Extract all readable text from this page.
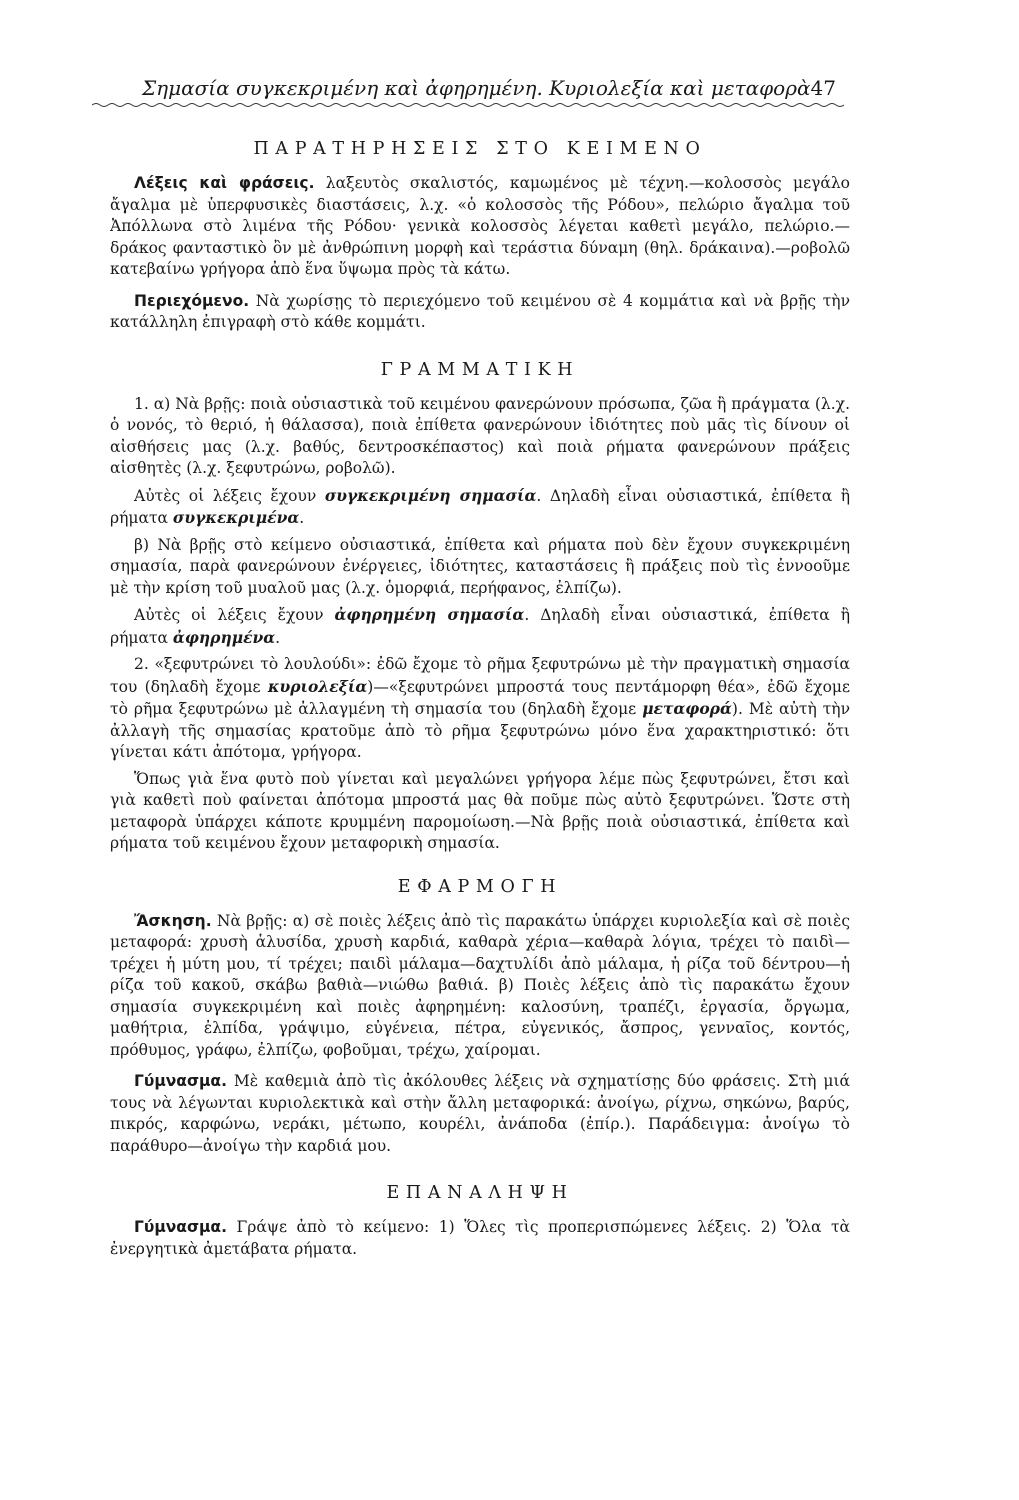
Σημασία συγκεκριμένη καὶ ἀφηρημένη. Κυριολεξία καὶ μεταφορὰ 47
ΠΑΡΑΤΗΡΗΣΕΙΣ ΣΤΟ ΚΕΙΜΕΝΟ

Λέξεις καὶ φράσεις. λαξευτὸς σκαλιστός, καμωμένος μὲ τέχνη.—κολοσσὸς μεγάλο ἄγαλμα μὲ ὑπερφυσικὲς διαστάσεις, λ.χ. «ὁ κολοσσὸς τῆς Ρόδου», πελώριο ἄγαλμα τοῦ Ἀπόλλωνα στὸ λιμένα τῆς Ρόδου· γενικὰ κολοσσὸς λέγεται καθετὶ μεγάλο, πελώριο.—δράκος φανταστικὸ ὂν μὲ ἀνθρώπινη μορφὴ καὶ τεράστια δύναμη (θηλ. δράκαινα).—ροβολῶ κατεβαίνω γρήγορα ἀπὸ ἕνα ὕψωμα πρὸς τὰ κάτω.

Περιεχόμενο. Νὰ χωρίσῃς τὸ περιεχόμενο τοῦ κειμένου σὲ 4 κομμάτια καὶ νὰ βρῇς τὴν κατάλληλη ἐπιγραφὴ στὸ κάθε κομμάτι.

ΓΡΑΜΜΑΤΙΚΗ

1. α) Νὰ βρῇς: ποιὰ οὐσιαστικὰ τοῦ κειμένου φανερώνουν πρόσωπα, ζῶα ἢ πράγματα (λ.χ. ὁ νονός, τὸ θεριό, ἡ θάλασσα), ποιὰ ἐπίθετα φανερώνουν ἰδιότητες ποὺ μᾶς τὶς δίνουν οἱ αἰσθήσεις μας (λ.χ. βαθύς, δεντροσκέπαστος) καὶ ποιὰ ρήματα φανερώνουν πράξεις αἰσθητὲς (λ.χ. ξεφυτρώνω, ροβολῶ).

Αὐτὲς οἱ λέξεις ἔχουν συγκεκριμένη σημασία. Δηλαδὴ εἶναι οὐσιαστικά, ἐπίθετα ἢ ρήματα συγκεκριμένα.

β) Νὰ βρῇς στὸ κείμενο οὐσιαστικά, ἐπίθετα καὶ ρήματα ποὺ δὲν ἔχουν συγκεκριμένη σημασία, παρὰ φανερώνουν ἐνέργειες, ἰδιότητες, καταστάσεις ἢ πράξεις ποὺ τὶς ἐννοοῦμε μὲ τὴν κρίση τοῦ μυαλοῦ μας (λ.χ. ὁμορφιά, περήφανος, ἐλπίζω).

Αὐτὲς οἱ λέξεις ἔχουν ἀφηρημένη σημασία. Δηλαδὴ εἶναι οὐσιαστικά, ἐπίθετα ἢ ρήματα ἀφηρημένα.

2. «ξεφυτρώνει τὸ λουλούδι»: ἐδῶ ἔχομε τὸ ρῆμα ξεφυτρώνω μὲ τὴν πραγματικὴ σημασία του (δηλαδὴ ἔχομε κυριολεξία)—«ξεφυτρώνει μπροστά τους πεντάμορφη θέα», ἐδῶ ἔχομε τὸ ρῆμα ξεφυτρώνω μὲ ἀλλαγμένη τὴ σημασία του (δηλαδὴ ἔχομε μεταφορά). Μὲ αὐτὴ τὴν ἀλλαγὴ τῆς σημασίας κρατοῦμε ἀπὸ τὸ ρῆμα ξεφυτρώνω μόνο ἕνα χαρακτηριστικό: ὅτι γίνεται κάτι ἀπότομα, γρήγορα.

Ὅπως γιὰ ἕνα φυτὸ ποὺ γίνεται καὶ μεγαλώνει γρήγορα λέμε πὼς ξεφυτρώνει, ἔτσι καὶ γιὰ καθετὶ ποὺ φαίνεται ἀπότομα μπροστά μας θὰ ποῦμε πὼς αὐτὸ ξεφυτρώνει. Ὥστε στὴ μεταφορὰ ὑπάρχει κάποτε κρυμμένη παρομοίωση.—Νὰ βρῇς ποιὰ οὐσιαστικά, ἐπίθετα καὶ ρήματα τοῦ κειμένου ἔχουν μεταφορικὴ σημασία.

ΕΦΑΡΜΟΓΗ

Ἄσκηση. Νὰ βρῇς: α) σὲ ποιὲς λέξεις ἀπὸ τὶς παρακάτω ὑπάρχει κυριολεξία καὶ σὲ ποιὲς μεταφορά: χρυσὴ ἁλυσίδα, χρυσὴ καρδιά, καθαρὰ χέρια—καθαρὰ λόγια, τρέχει τὸ παιδὶ—τρέχει ἡ μύτη μου, τί τρέχει; παιδὶ μάλαμα—δαχτυλίδι ἀπὸ μάλαμα, ἡ ρίζα τοῦ δέντρου—ἡ ρίζα τοῦ κακοῦ, σκάβω βαθιὰ—νιώθω βαθιά. β) Ποιὲς λέξεις ἀπὸ τὶς παρακάτω ἔχουν σημασία συγκεκριμένη καὶ ποιὲς ἀφηρημένη: καλοσύνη, τραπέζι, ἐργασία, ὄργωμα, μαθήτρια, ἐλπίδα, γράψιμο, εὐγένεια, πέτρα, εὐγενικός, ἄσπρος, γενναῖος, κοντός, πρόθυμος, γράφω, ἐλπίζω, φοβοῦμαι, τρέχω, χαίρομαι.

Γύμνασμα. Μὲ καθεμιὰ ἀπὸ τὶς ἀκόλουθες λέξεις νὰ σχηματίσῃς δύο φράσεις. Στὴ μιά τους νὰ λέγωνται κυριολεκτικὰ καὶ στὴν ἄλλη μεταφορικά: ἀνοίγω, ρίχνω, σηκώνω, βαρύς, πικρός, καρφώνω, νεράκι, μέτωπο, κουρέλι, ἀνάποδα (ἐπίρ.). Παράδειγμα: ἀνοίγω τὸ παράθυρο—ἀνοίγω τὴν καρδιά μου.

ΕΠΑΝΑΛΗΨΗ

Γύμνασμα. Γράψε ἀπὸ τὸ κείμενο: 1) Ὅλες τὶς προπερισπώμενες λέξεις. 2) Ὅλα τὰ ἐνεργητικὰ ἀμετάβατα ρήματα.
